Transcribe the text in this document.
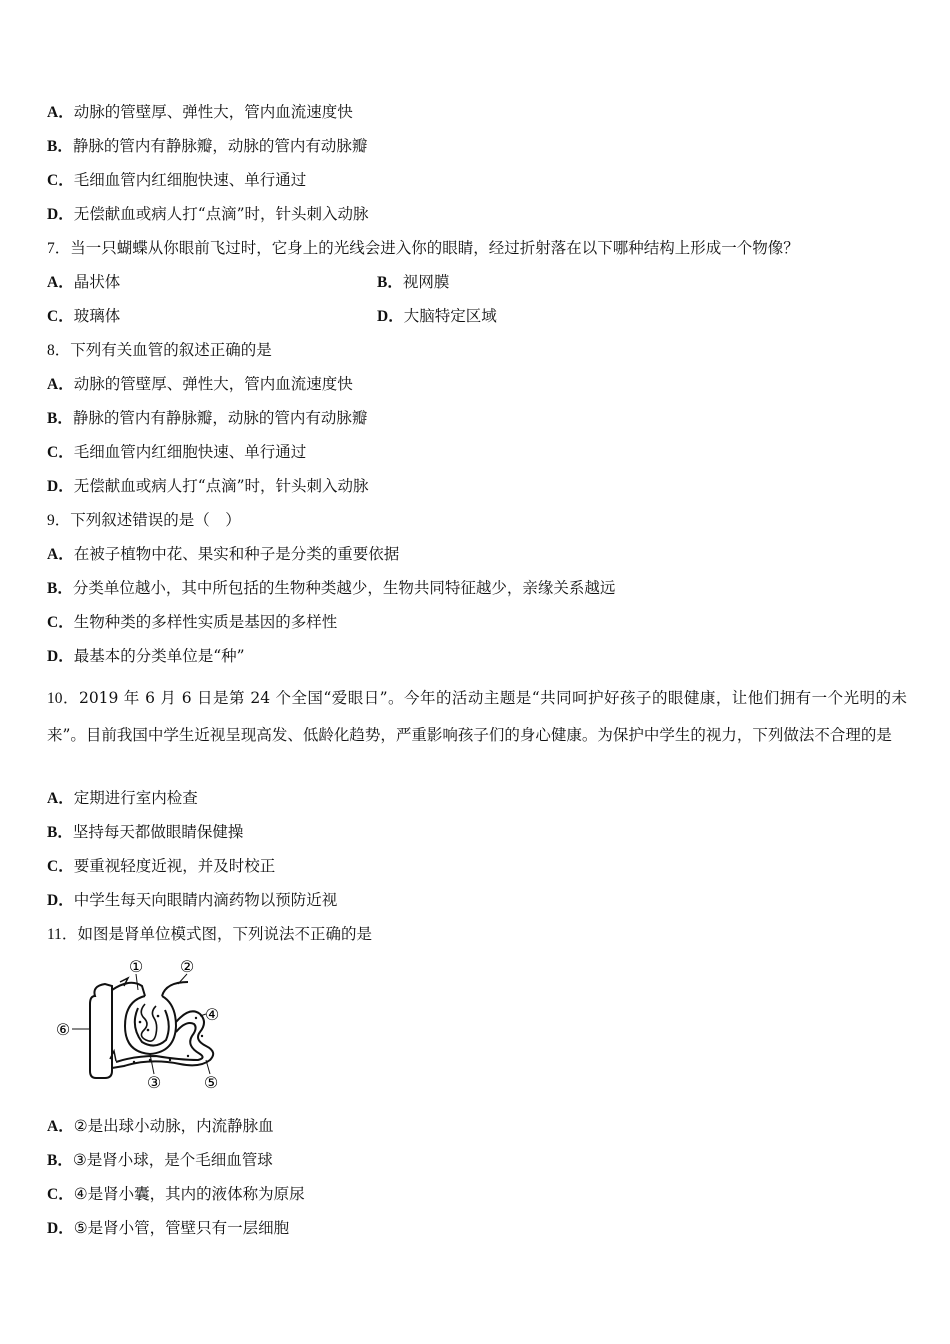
A．动脉的管壁厚、弹性大，管内血流速度快
B．静脉的管内有静脉瓣，动脉的管内有动脉瓣
C．毛细血管内红细胞快速、单行通过
D．无偿献血或病人打“点滴”时，针头刺入动脉
7．当一只蝴蝶从你眼前飞过时，它身上的光线会进入你的眼睛，经过折射落在以下哪种结构上形成一个物像？
A．晶状体	B．视网膜
C．玻璃体	D．大脑特定区域
8．下列有关血管的叙述正确的是
A．动脉的管壁厚、弹性大，管内血流速度快
B．静脉的管内有静脉瓣，动脉的管内有动脉瓣
C．毛细血管内红细胞快速、单行通过
D．无偿献血或病人打“点滴”时，针头刺入动脉
9．下列叙述错误的是（　）
A．在被子植物中花、果实和种子是分类的重要依据
B．分类单位越小，其中所包括的生物种类越少，生物共同特征越少，亲缘关系越远
C．生物种类的多样性实质是基因的多样性
D．最基本的分类单位是“种”
10．2019 年 6 月 6 日是第 24 个全国“爱眼日”。今年的活动主题是“共同呵护好孩子的眼健康，让他们拥有一个光明的未来”。目前我国中学生近视呈现高发、低龄化趋势，严重影响孩子们的身心健康。为保护中学生的视力，下列做法不合理的是
A．定期进行室内检查
B．坚持每天都做眼睛保健操
C．要重视轻度近视，并及时校正
D．中学生每天向眼睛内滴药物以预防近视
11．如图是肾单位模式图，下列说法不正确的是
① ②
③
④
⑤
⑥
A．②是出球小动脉，内流静脉血
B．③是肾小球，是个毛细血管球
C．④是肾小囊，其内的液体称为原尿
D．⑤是肾小管，管壁只有一层细胞
